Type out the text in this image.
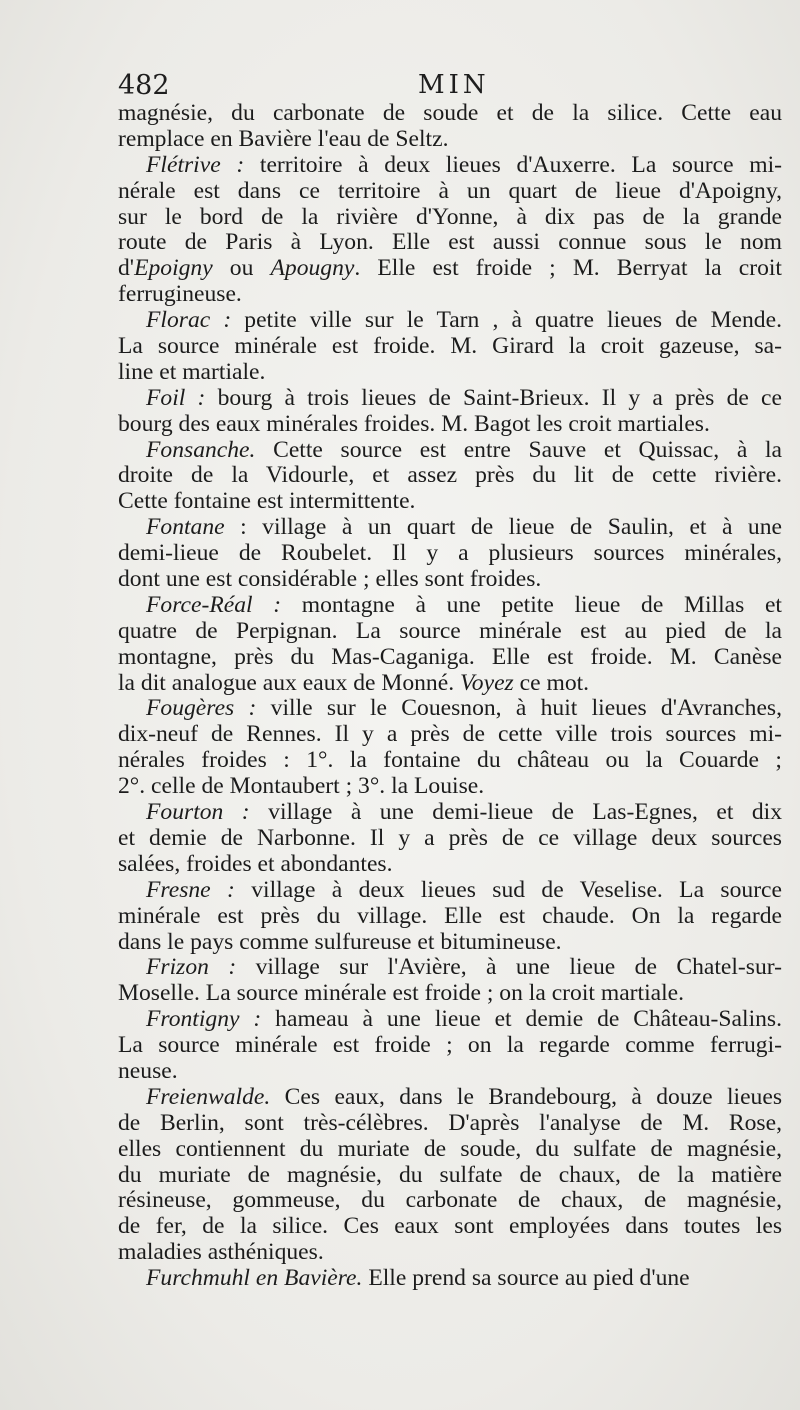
482	MIN
magnésie, du carbonate de soude et de la silice. Cette eau
remplace en Bavière l'eau de Seltz.
Flétrive : territoire à deux lieues d'Auxerre. La source mi-
nérale est dans ce territoire à un quart de lieue d'Apoigny,
sur le bord de la rivière d'Yonne, à dix pas de la grande
route de Paris à Lyon. Elle est aussi connue sous le nom
d'Epoigny ou Apougny. Elle est froide ; M. Berryat la croit
ferrugineuse.
Florac : petite ville sur le Tarn , à quatre lieues de Mende.
La source minérale est froide. M. Girard la croit gazeuse, sa-
line et martiale.
Foil : bourg à trois lieues de Saint-Brieux. Il y a près de ce
bourg des eaux minérales froides. M. Bagot les croit martiales.
Fonsanche. Cette source est entre Sauve et Quissac, à la
droite de la Vidourle, et assez près du lit de cette rivière.
Cette fontaine est intermittente.
Fontane : village à un quart de lieue de Saulin, et à une
demi-lieue de Roubelet. Il y a plusieurs sources minérales,
dont une est considérable ; elles sont froides.
Force-Réal : montagne à une petite lieue de Millas et
quatre de Perpignan. La source minérale est au pied de la
montagne, près du Mas-Caganiga. Elle est froide. M. Canèse
la dit analogue aux eaux de Monné. Voyez ce mot.
Fougères : ville sur le Couesnon, à huit lieues d'Avranches,
dix-neuf de Rennes. Il y a près de cette ville trois sources mi-
nérales froides : 1°. la fontaine du château ou la Couarde ;
2°. celle de Montaubert ; 3°. la Louise.
Fourton : village à une demi-lieue de Las-Egnes, et dix
et demie de Narbonne. Il y a près de ce village deux sources
salées, froides et abondantes.
Fresne : village à deux lieues sud de Veselise. La source
minérale est près du village. Elle est chaude. On la regarde
dans le pays comme sulfureuse et bitumineuse.
Frizon : village sur l'Avière, à une lieue de Chatel-sur-
Moselle. La source minérale est froide ; on la croit martiale.
Frontigny : hameau à une lieue et demie de Château-Salins.
La source minérale est froide ; on la regarde comme ferrugi-
neuse.
Freienwalde. Ces eaux, dans le Brandebourg, à douze lieues
de Berlin, sont très-célèbres. D'après l'analyse de M. Rose,
elles contiennent du muriate de soude, du sulfate de magnésie,
du muriate de magnésie, du sulfate de chaux, de la matière
résineuse, gommeuse, du carbonate de chaux, de magnésie,
de fer, de la silice. Ces eaux sont employées dans toutes les
maladies asthéniques.
Furchmuhl en Bavière. Elle prend sa source au pied d'une
